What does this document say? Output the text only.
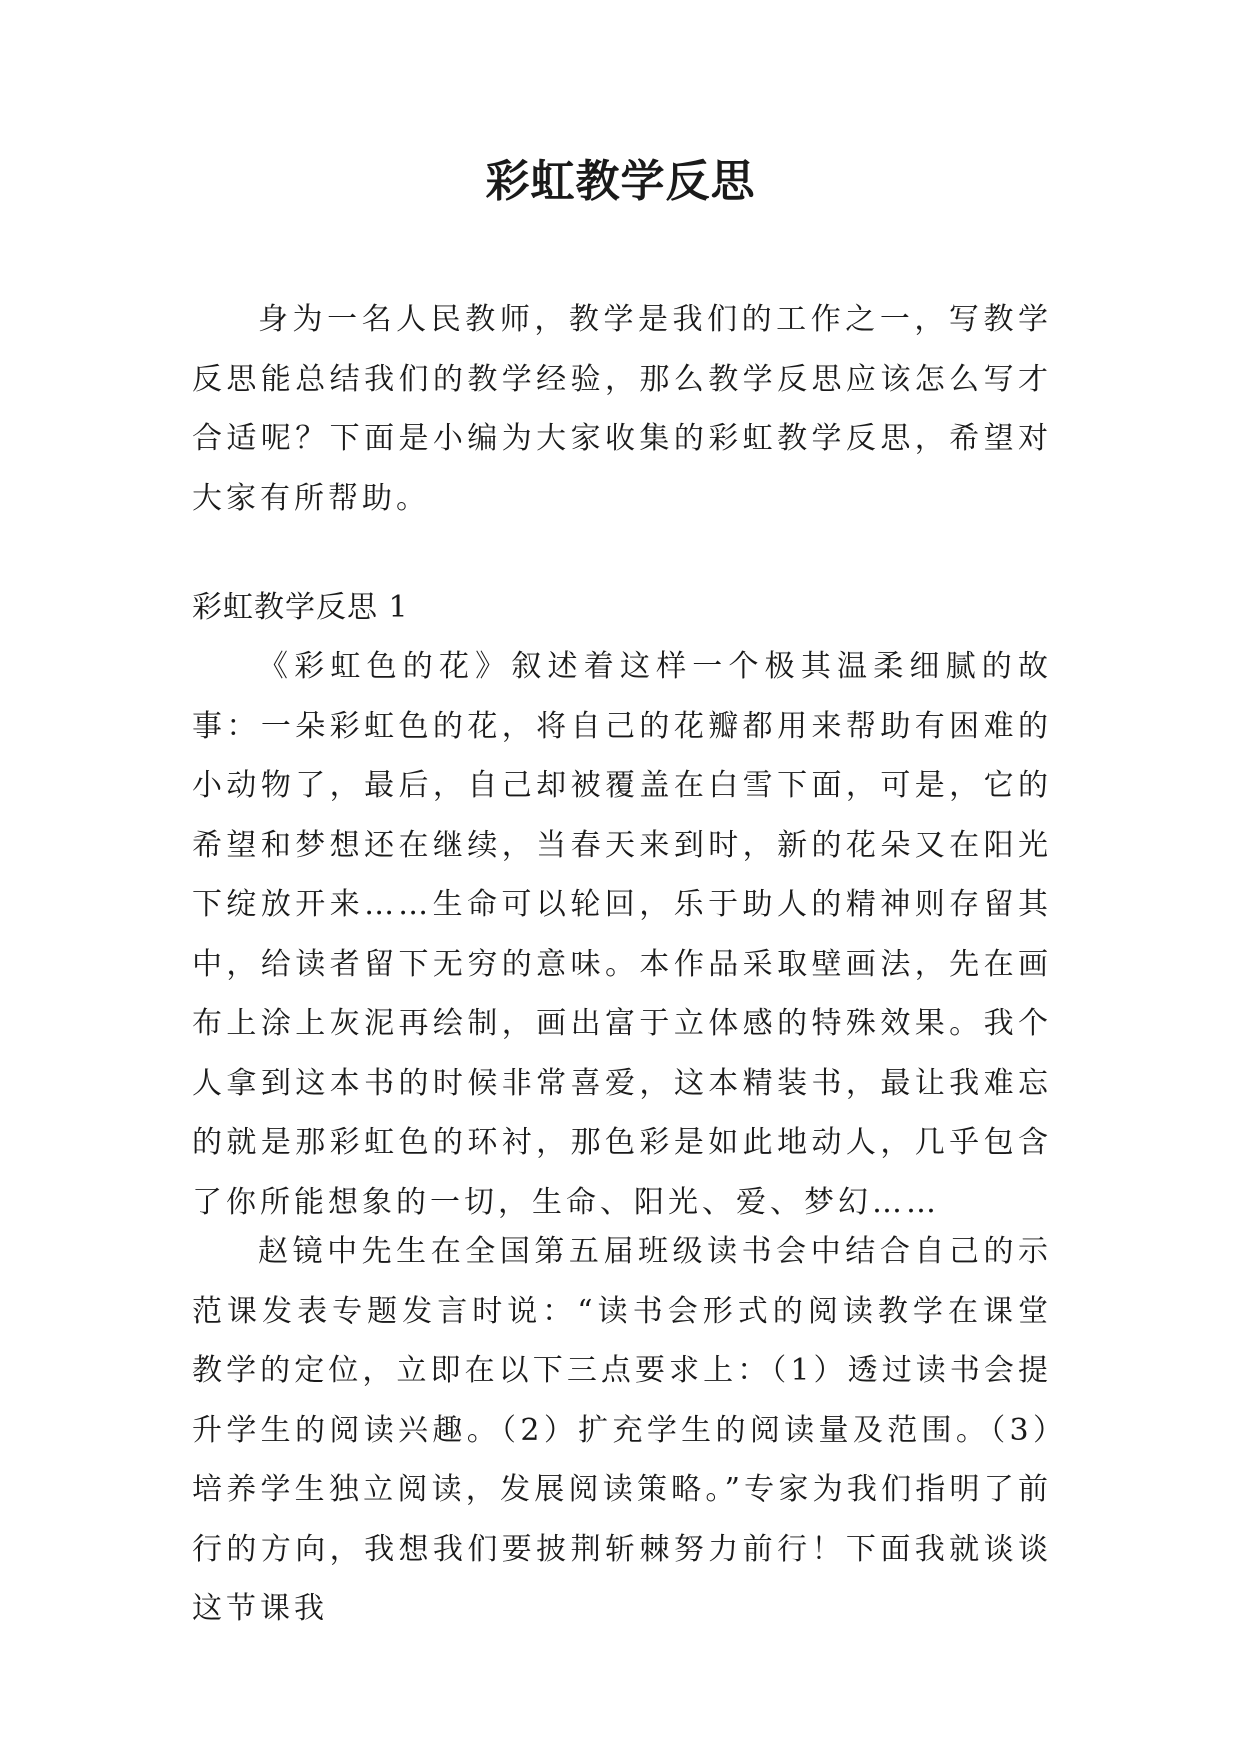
彩虹教学反思

身为一名人民教师，教学是我们的工作之一，写教学反思能总结我们的教学经验，那么教学反思应该怎么写才合适呢？下面是小编为大家收集的彩虹教学反思，希望对大家有所帮助。

彩虹教学反思 1

《彩虹色的花》叙述着这样一个极其温柔细腻的故事：一朵彩虹色的花，将自己的花瓣都用来帮助有困难的小动物了，最后，自己却被覆盖在白雪下面，可是，它的希望和梦想还在继续，当春天来到时，新的花朵又在阳光下绽放开来……生命可以轮回，乐于助人的精神则存留其中，给读者留下无穷的意味。本作品采取壁画法，先在画布上涂上灰泥再绘制，画出富于立体感的特殊效果。我个人拿到这本书的时候非常喜爱，这本精装书，最让我难忘的就是那彩虹色的环衬，那色彩是如此地动人，几乎包含了你所能想象的一切，生命、阳光、爱、梦幻……

赵镜中先生在全国第五届班级读书会中结合自己的示范课发表专题发言时说：“读书会形式的阅读教学在课堂教学的定位，立即在以下三点要求上：（1）透过读书会提升学生的阅读兴趣。（2）扩充学生的阅读量及范围。（3）培养学生独立阅读，发展阅读策略。”专家为我们指明了前行的方向，我想我们要披荆斩棘努力前行！下面我就谈谈这节课我
